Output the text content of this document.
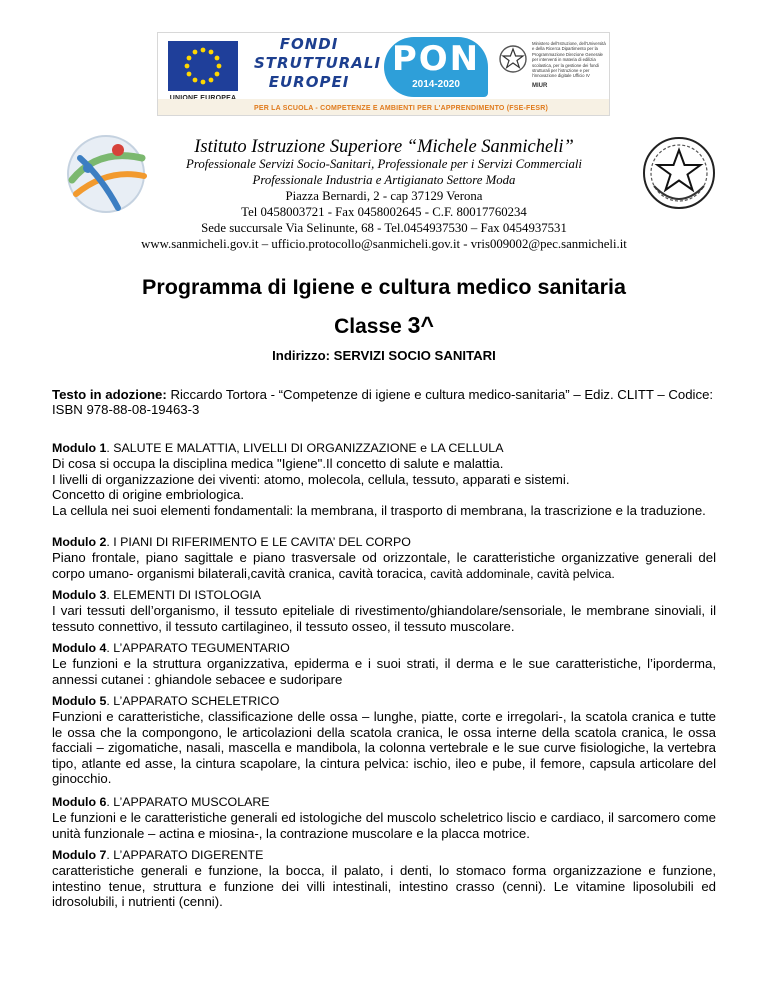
FONDI
STRUTTURALI
EUROPEI
PON
2014-2020
Ministero dell'Istruzione, dell'Università e della Ricerca Dipartimento per la Programmazione Direzione Generale per interventi in materia di edilizia scolastica, per la gestione dei fondi strutturali per l'istruzione e per l'innovazione digitale Ufficio IV
MIUR
PER LA SCUOLA - COMPETENZE E AMBIENTI PER L'APPRENDIMENTO (FSE-FESR)
Istituto Istruzione Superiore “Michele Sanmicheli”
Professionale Servizi Socio-Sanitari, Professionale per i Servizi Commerciali
Professionale Industria e Artigianato Settore Moda
Piazza Bernardi, 2 - cap 37129 Verona
Tel 0458003721 - Fax 0458002645 - C.F. 80017760234
Sede succursale Via Selinunte, 68 - Tel.0454937530 – Fax 0454937531
www.sanmicheli.gov.it – ufficio.protocollo@sanmicheli.gov.it - vris009002@pec.sanmicheli.it
Programma di Igiene e cultura medico sanitaria
Classe 3^
Indirizzo: SERVIZI SOCIO SANITARI
Testo in adozione: Riccardo Tortora - “Competenze di igiene e cultura medico-sanitaria” – Ediz. CLITT – Codice: ISBN 978-88-08-19463-3
Modulo 1. SALUTE E MALATTIA, LIVELLI DI ORGANIZZAZIONE e LA CELLULA
Di cosa si occupa la disciplina medica "Igiene".Il concetto di salute e malattia.
I livelli di organizzazione dei viventi: atomo, molecola, cellula, tessuto, apparati e sistemi.
Concetto di origine embriologica.
La cellula nei suoi elementi fondamentali: la membrana, il trasporto di membrana, la trascrizione e la traduzione.
Modulo 2. I PIANI DI RIFERIMENTO E LE CAVITA’ DEL CORPO
Piano frontale, piano sagittale e piano trasversale od orizzontale, le caratteristiche organizzative generali del corpo umano- organismi bilaterali,cavità cranica, cavità toracica, cavità addominale, cavità pelvica.
Modulo 3. ELEMENTI DI ISTOLOGIA
I vari tessuti dell’organismo, il tessuto epiteliale di rivestimento/ghiandolare/sensoriale, le membrane sinoviali, il tessuto connettivo, il tessuto cartilagineo, il tessuto osseo, il tessuto muscolare.
Modulo 4. L’APPARATO TEGUMENTARIO
Le funzioni e la struttura organizzativa, epiderma e i suoi strati, il derma e le sue caratteristiche, l’iporderma, annessi cutanei : ghiandole sebacee e sudoripare
Modulo 5. L’APPARATO SCHELETRICO
Funzioni e caratteristiche, classificazione delle ossa – lunghe, piatte, corte e irregolari-, la scatola cranica e tutte le ossa che la compongono, le articolazioni della scatola cranica, le ossa interne della scatola cranica, le ossa facciali – zigomatiche, nasali, mascella e mandibola, la colonna vertebrale e le sue curve fisiologiche, la vertebra tipo, atlante ed asse, la cintura scapolare, la cintura pelvica: ischio, ileo e pube, il femore, capsula articolare del ginocchio.
Modulo 6. L’APPARATO MUSCOLARE
Le funzioni e le caratteristiche generali ed istologiche del muscolo scheletrico liscio e cardiaco, il sarcomero come unità funzionale – actina e miosina-, la contrazione muscolare e la placca motrice.
Modulo 7. L’APPARATO DIGERENTE
caratteristiche generali e funzione, la bocca, il palato, i denti, lo stomaco forma organizzazione e funzione, intestino tenue, struttura e funzione dei villi intestinali, intestino crasso (cenni). Le vitamine liposolubili ed idrosolubili, i nutrienti (cenni).
